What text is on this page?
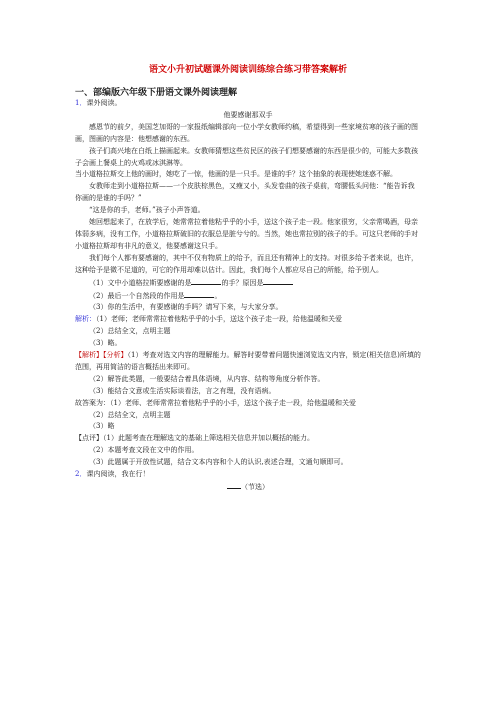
语文小升初试题课外阅读训练综合练习带答案解析
一、部编版六年级下册语文课外阅读理解

1．课外阅读。

他要感谢那双手

感恩节的前夕，美国芝加哥的一家报纸编辑部向一位小学女教师约稿，希望得到一些家境贫寒的孩子画的图画，图画的内容是：他想感谢的东西。

孩子们高兴地在白纸上描画起来。女教师猜想这些贫民区的孩子们想要感谢的东西是很少的，可能大多数孩子会画上餐桌上的火鸡或冰淇淋等。

当小道格拉斯交上他的画时，她吃了一惊，他画的是一只手。是谁的手？这个抽象的表现使她迷惑不解。

女教师走到小道格拉斯——一个皮肤棕黑色，又瘦又小，头发卷曲的孩子桌前，弯腰低头问他：“能告诉我你画的是谁的手吗？”

“这是你的手，老师。”孩子小声答道。

她回想起来了，在放学后，她常常拉着他粘乎乎的小手，送这个孩子走一段。他家很穷，父亲常喝酒，母亲体弱多病，没有工作，小道格拉斯破旧的衣服总是脏兮兮的。当然，她也常拉别的孩子的手。可这只老师的手对小道格拉斯却有非凡的意义，他要感谢这只手。

我们每个人都有要感谢的，其中不仅有物质上的给予，而且还有精神上的支持。对很多给予者来说，也许，这种给予是微不足道的，可它的作用却难以估计。因此，我们每个人都应尽自己的所能，给予别人。

（1）文中小道格拉斯要感谢的是	的手？原因是

（2）最后一个自然段的作用是	。

（3）你的生活中，有要感谢的手吗？请写下来，与大家分享。

解析：（1）老师；老师常常拉着他粘乎乎的小手，送这个孩子走一段，给他温暖和关爱

（2）总结全文，点明主题

（3）略。

【解析】【分析】（1）考查对选文内容的理解能力。解答时要带着问题快速浏览选文内容，锁定(相关信息)所填的范围，再用简洁的语言概括出来即可。

（2）解答此类题，一般要结合着具体语境，从内容、结构等角度分析作答。

（3）能结合文意或生活实际谈看法，言之有理，没有语病。

故答案为：（1）老师、老师常常拉着他粘乎乎的小手，送这个孩子走一段，给他温暖和关爱

（2）总结全文，点明主题

（3）略

【点评】（1）此题考查在理解选文的基础上筛选相关信息并加以概括的能力。

（2）本题考查文段在文中的作用。

（3）此题属于开放性试题，结合文本内容和个人的认识,表述合理，文通句顺即可。

2．课内阅读，我在行！

（节选）
